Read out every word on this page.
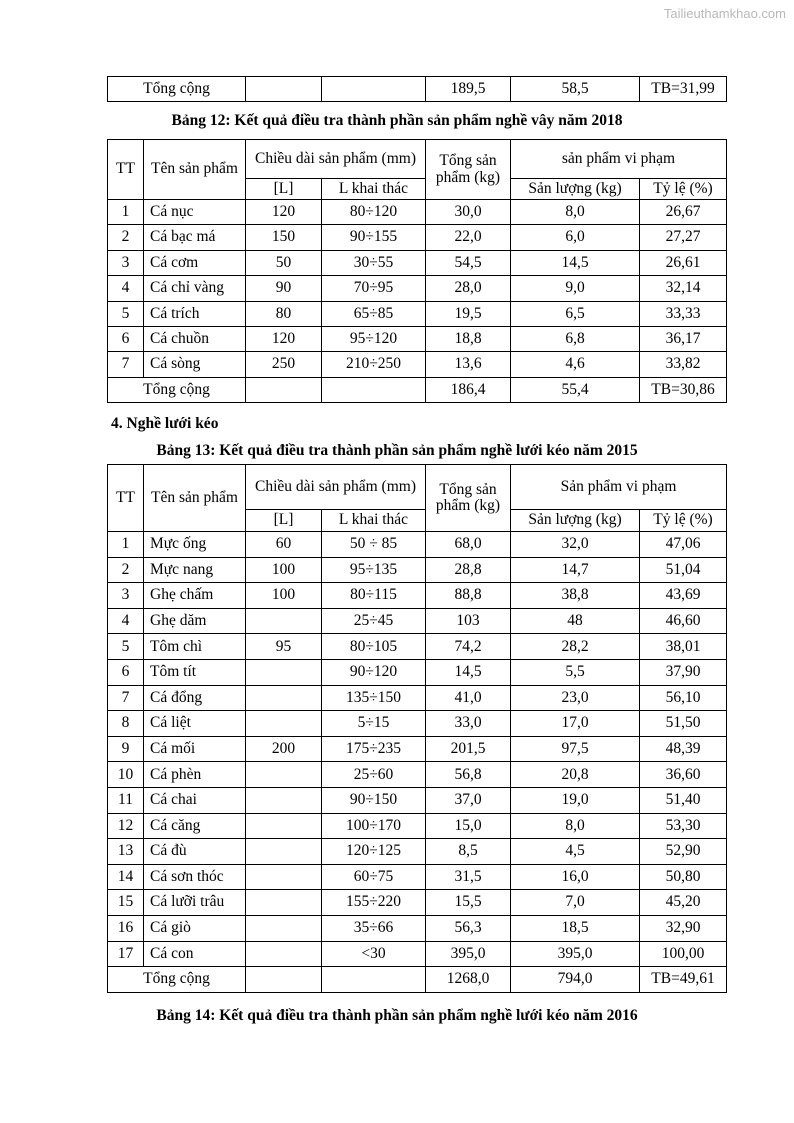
Tailieuthamkhao.com
Tổng cộng			189,5	58,5	TB=31,99
Bảng 12: Kết quả điều tra thành phần sản phẩm nghề vây năm 2018
TT	Tên sản phẩm	Chiều dài sản phẩm (mm)		Tổng sản phẩm (kg)	sản phẩm vi phạm	
		[L]	L khai thác		Sản lượng (kg)	Tỷ lệ (%)
1	Cá nục	120	80÷120	30,0	8,0	26,67
2	Cá bạc má	150	90÷155	22,0	6,0	27,27
3	Cá cơm	50	30÷55	54,5	14,5	26,61
4	Cá chỉ vàng	90	70÷95	28,0	9,0	32,14
5	Cá trích	80	65÷85	19,5	6,5	33,33
6	Cá chuồn	120	95÷120	18,8	6,8	36,17
7	Cá sòng	250	210÷250	13,6	4,6	33,82
Tổng cộng				186,4	55,4	TB=30,86
4. Nghề lưới kéo
Bảng 13: Kết quả điều tra thành phần sản phẩm nghề lưới kéo năm 2015
TT	Tên sản phẩm	Chiều dài sản phẩm (mm)		Tổng sản phẩm (kg)	Sản phẩm vi phạm	
		[L]	L khai thác		Sản lượng (kg)	Tỷ lệ (%)
1	Mực ống	60	50 ÷ 85	68,0	32,0	47,06
2	Mực nang	100	95÷135	28,8	14,7	51,04
3	Ghẹ chấm	100	80÷115	88,8	38,8	43,69
4	Ghẹ dăm		25÷45	103	48	46,60
5	Tôm chì	95	80÷105	74,2	28,2	38,01
6	Tôm tít		90÷120	14,5	5,5	37,90
7	Cá đổng		135÷150	41,0	23,0	56,10
8	Cá liệt		5÷15	33,0	17,0	51,50
9	Cá mối	200	175÷235	201,5	97,5	48,39
10	Cá phèn		25÷60	56,8	20,8	36,60
11	Cá chai		90÷150	37,0	19,0	51,40
12	Cá căng		100÷170	15,0	8,0	53,30
13	Cá đù		120÷125	8,5	4,5	52,90
14	Cá sơn thóc		60÷75	31,5	16,0	50,80
15	Cá lưỡi trâu		155÷220	15,5	7,0	45,20
16	Cá giò		35÷66	56,3	18,5	32,90
17	Cá con		<30	395,0	395,0	100,00
Tổng cộng				1268,0	794,0	TB=49,61
Bảng 14: Kết quả điều tra thành phần sản phẩm nghề lưới kéo năm 2016
